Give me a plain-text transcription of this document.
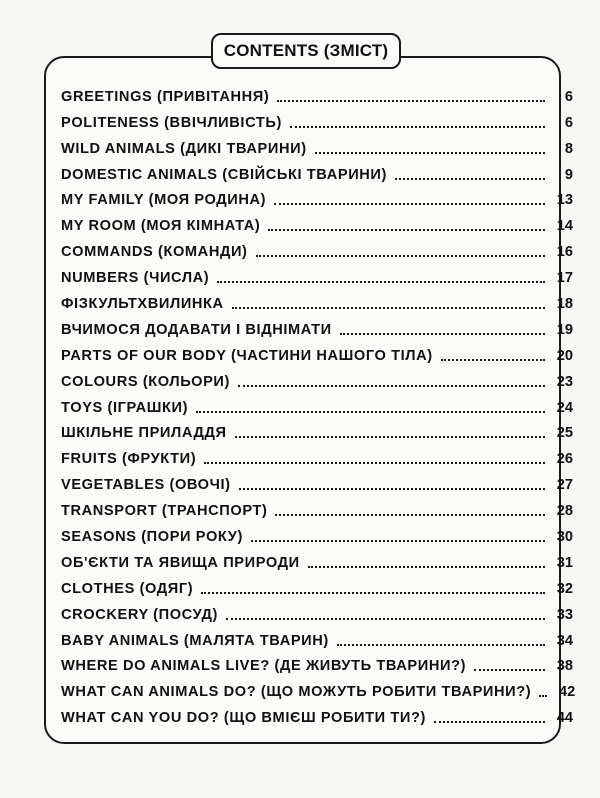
CONTENTS (ЗМІСТ)
GREETINGS (ПРИВІТАННЯ)	6
POLITENESS (ВВІЧЛИВІСТЬ)	6
WILD ANIMALS (ДИКІ ТВАРИНИ)	8
DOMESTIC ANIMALS (СВІЙСЬКІ ТВАРИНИ)	9
MY FAMILY (МОЯ РОДИНА)	13
MY ROOM (МОЯ КІМНАТА)	14
COMMANDS (КОМАНДИ)	16
NUMBERS (ЧИСЛА)	17
ФІЗКУЛЬТХВИЛИНКА	18
ВЧИМОСЯ ДОДАВАТИ І ВІДНІМАТИ	19
PARTS OF OUR BODY (ЧАСТИНИ НАШОГО ТІЛА)	20
COLOURS (КОЛЬОРИ)	23
TOYS (ІГРАШКИ)	24
ШКІЛЬНЕ ПРИЛАДДЯ	25
FRUITS (ФРУКТИ)	26
VEGETABLES (ОВОЧІ)	27
TRANSPORT (ТРАНСПОРТ)	28
SEASONS (ПОРИ РОКУ)	30
ОБ'ЄКТИ ТА ЯВИЩА ПРИРОДИ	31
CLOTHES (ОДЯГ)	32
CROCKERY (ПОСУД)	33
BABY ANIMALS (МАЛЯТА ТВАРИН)	34
WHERE DO ANIMALS LIVE? (ДЕ ЖИВУТЬ ТВАРИНИ?)	38
WHAT CAN ANIMALS DO? (ЩО МОЖУТЬ РОБИТИ ТВАРИНИ?)	42
WHAT CAN YOU DO? (ЩО ВМІЄШ РОБИТИ ТИ?)	44
